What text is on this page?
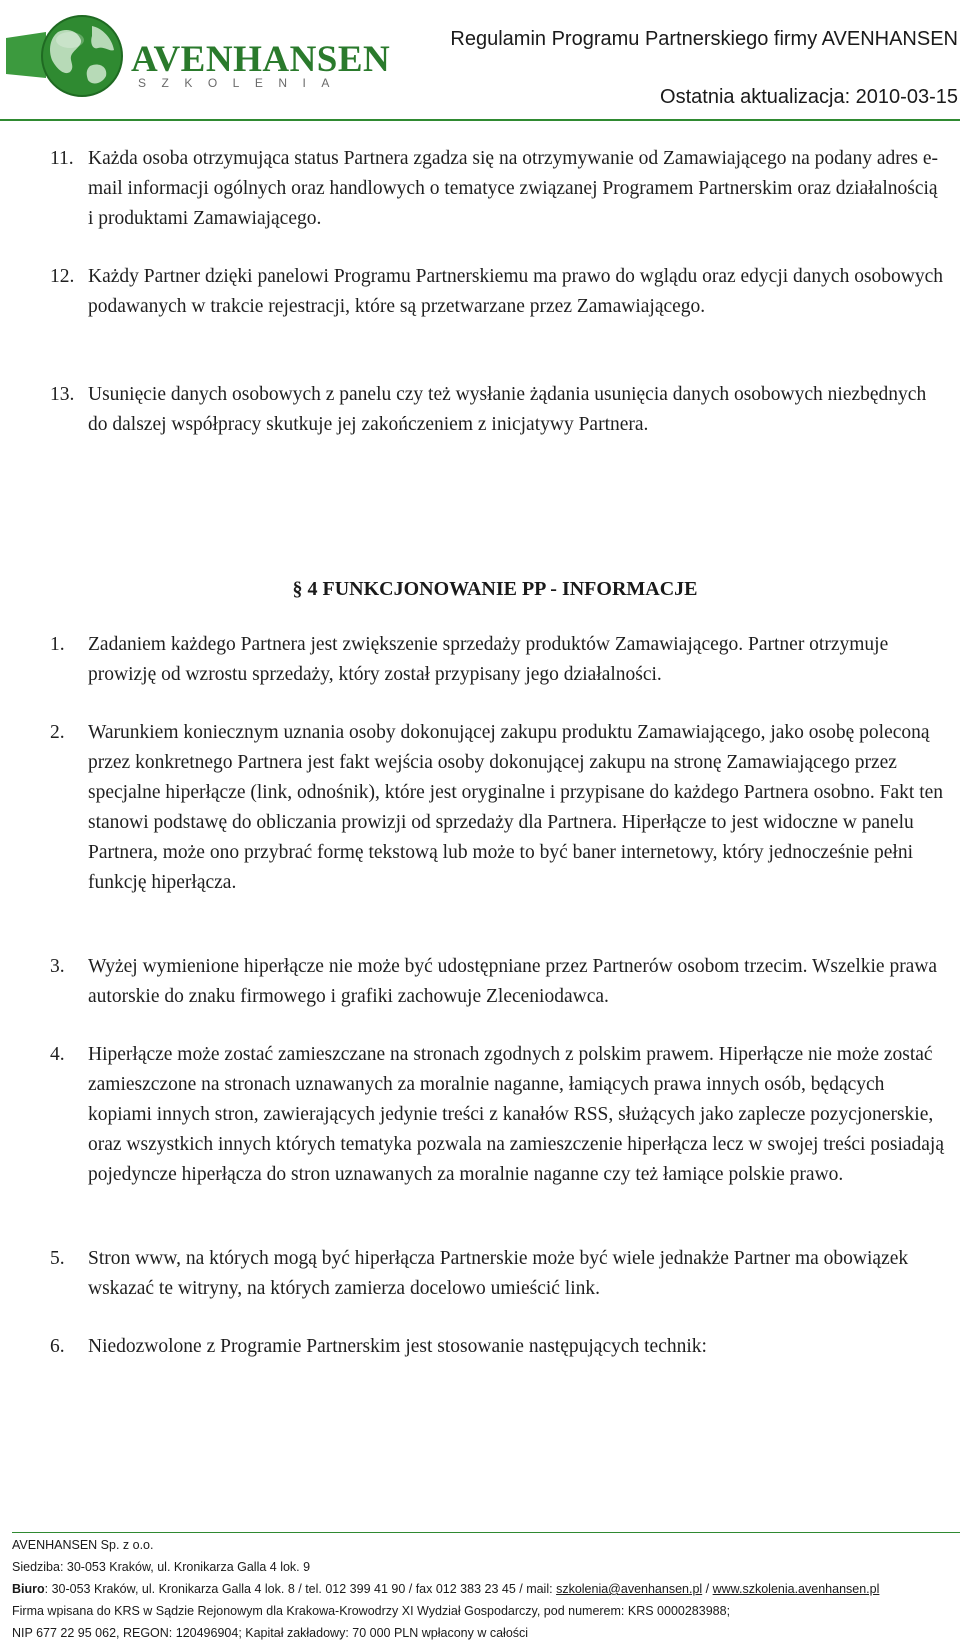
AVENHANSEN
SZKOLENIA
Regulamin Programu Partnerskiego firmy AVENHANSEN
Ostatnia aktualizacja: 2010-03-15
11. Każda osoba otrzymująca status Partnera zgadza się na otrzymywanie od Zamawiającego na podany adres e-mail informacji ogólnych oraz handlowych o tematyce związanej Programem Partnerskim oraz działalnością i produktami Zamawiającego.
12. Każdy Partner dzięki panelowi Programu Partnerskiemu ma prawo do wglądu oraz edycji danych osobowych podawanych w trakcie rejestracji, które są przetwarzane przez Zamawiającego.
13. Usunięcie danych osobowych z panelu czy też wysłanie żądania usunięcia danych osobowych niezbędnych do dalszej współpracy skutkuje jej zakończeniem z inicjatywy Partnera.
§ 4 FUNKCJONOWANIE PP - INFORMACJE
1. Zadaniem każdego Partnera jest zwiększenie sprzedaży produktów Zamawiającego. Partner otrzymuje prowizję od wzrostu sprzedaży, który został przypisany jego działalności.
2. Warunkiem koniecznym uznania osoby dokonującej zakupu produktu Zamawiającego, jako osobę poleconą przez konkretnego Partnera jest fakt wejścia osoby dokonującej zakupu na stronę Zamawiającego przez specjalne hiperłącze (link, odnośnik), które jest oryginalne i przypisane do każdego Partnera osobno. Fakt ten stanowi podstawę do obliczania prowizji od sprzedaży dla Partnera. Hiperłącze to jest widoczne w panelu Partnera, może ono przybrać formę tekstową lub może to być baner internetowy, który jednocześnie pełni funkcję hiperłącza.
3. Wyżej wymienione hiperłącze nie może być udostępniane przez Partnerów osobom trzecim. Wszelkie prawa autorskie do znaku firmowego i grafiki zachowuje Zleceniodawca.
4. Hiperłącze może zostać zamieszczane na stronach zgodnych z polskim prawem. Hiperłącze nie może zostać zamieszczone na stronach uznawanych za moralnie naganne, łamiących prawa innych osób, będących kopiami innych stron, zawierających jedynie treści z kanałów RSS, służących jako zaplecze pozycjonerskie, oraz wszystkich innych których tematyka pozwala na zamieszczenie hiperłącza lecz w swojej treści posiadają pojedyncze hiperłącza do stron uznawanych za moralnie naganne czy też łamiące polskie prawo.
5. Stron www, na których mogą być hiperłącza Partnerskie może być wiele jednakże Partner ma obowiązek wskazać te witryny, na których zamierza docelowo umieścić link.
6. Niedozwolone z Programie Partnerskim jest stosowanie następujących technik:
AVENHANSEN Sp. z o.o.
Siedziba: 30-053 Kraków, ul. Kronikarza Galla 4 lok. 9
Biuro: 30-053 Kraków, ul. Kronikarza Galla 4 lok. 8 / tel. 012 399 41 90 / fax 012 383 23 45 / mail: szkolenia@avenhansen.pl / www.szkolenia.avenhansen.pl
Firma wpisana do KRS w Sądzie Rejonowym dla Krakowa-Krowodrzy XI Wydział Gospodarczy, pod numerem: KRS 0000283988;
NIP 677 22 95 062, REGON: 120496904; Kapitał zakładowy: 70 000 PLN wpłacony w całości
